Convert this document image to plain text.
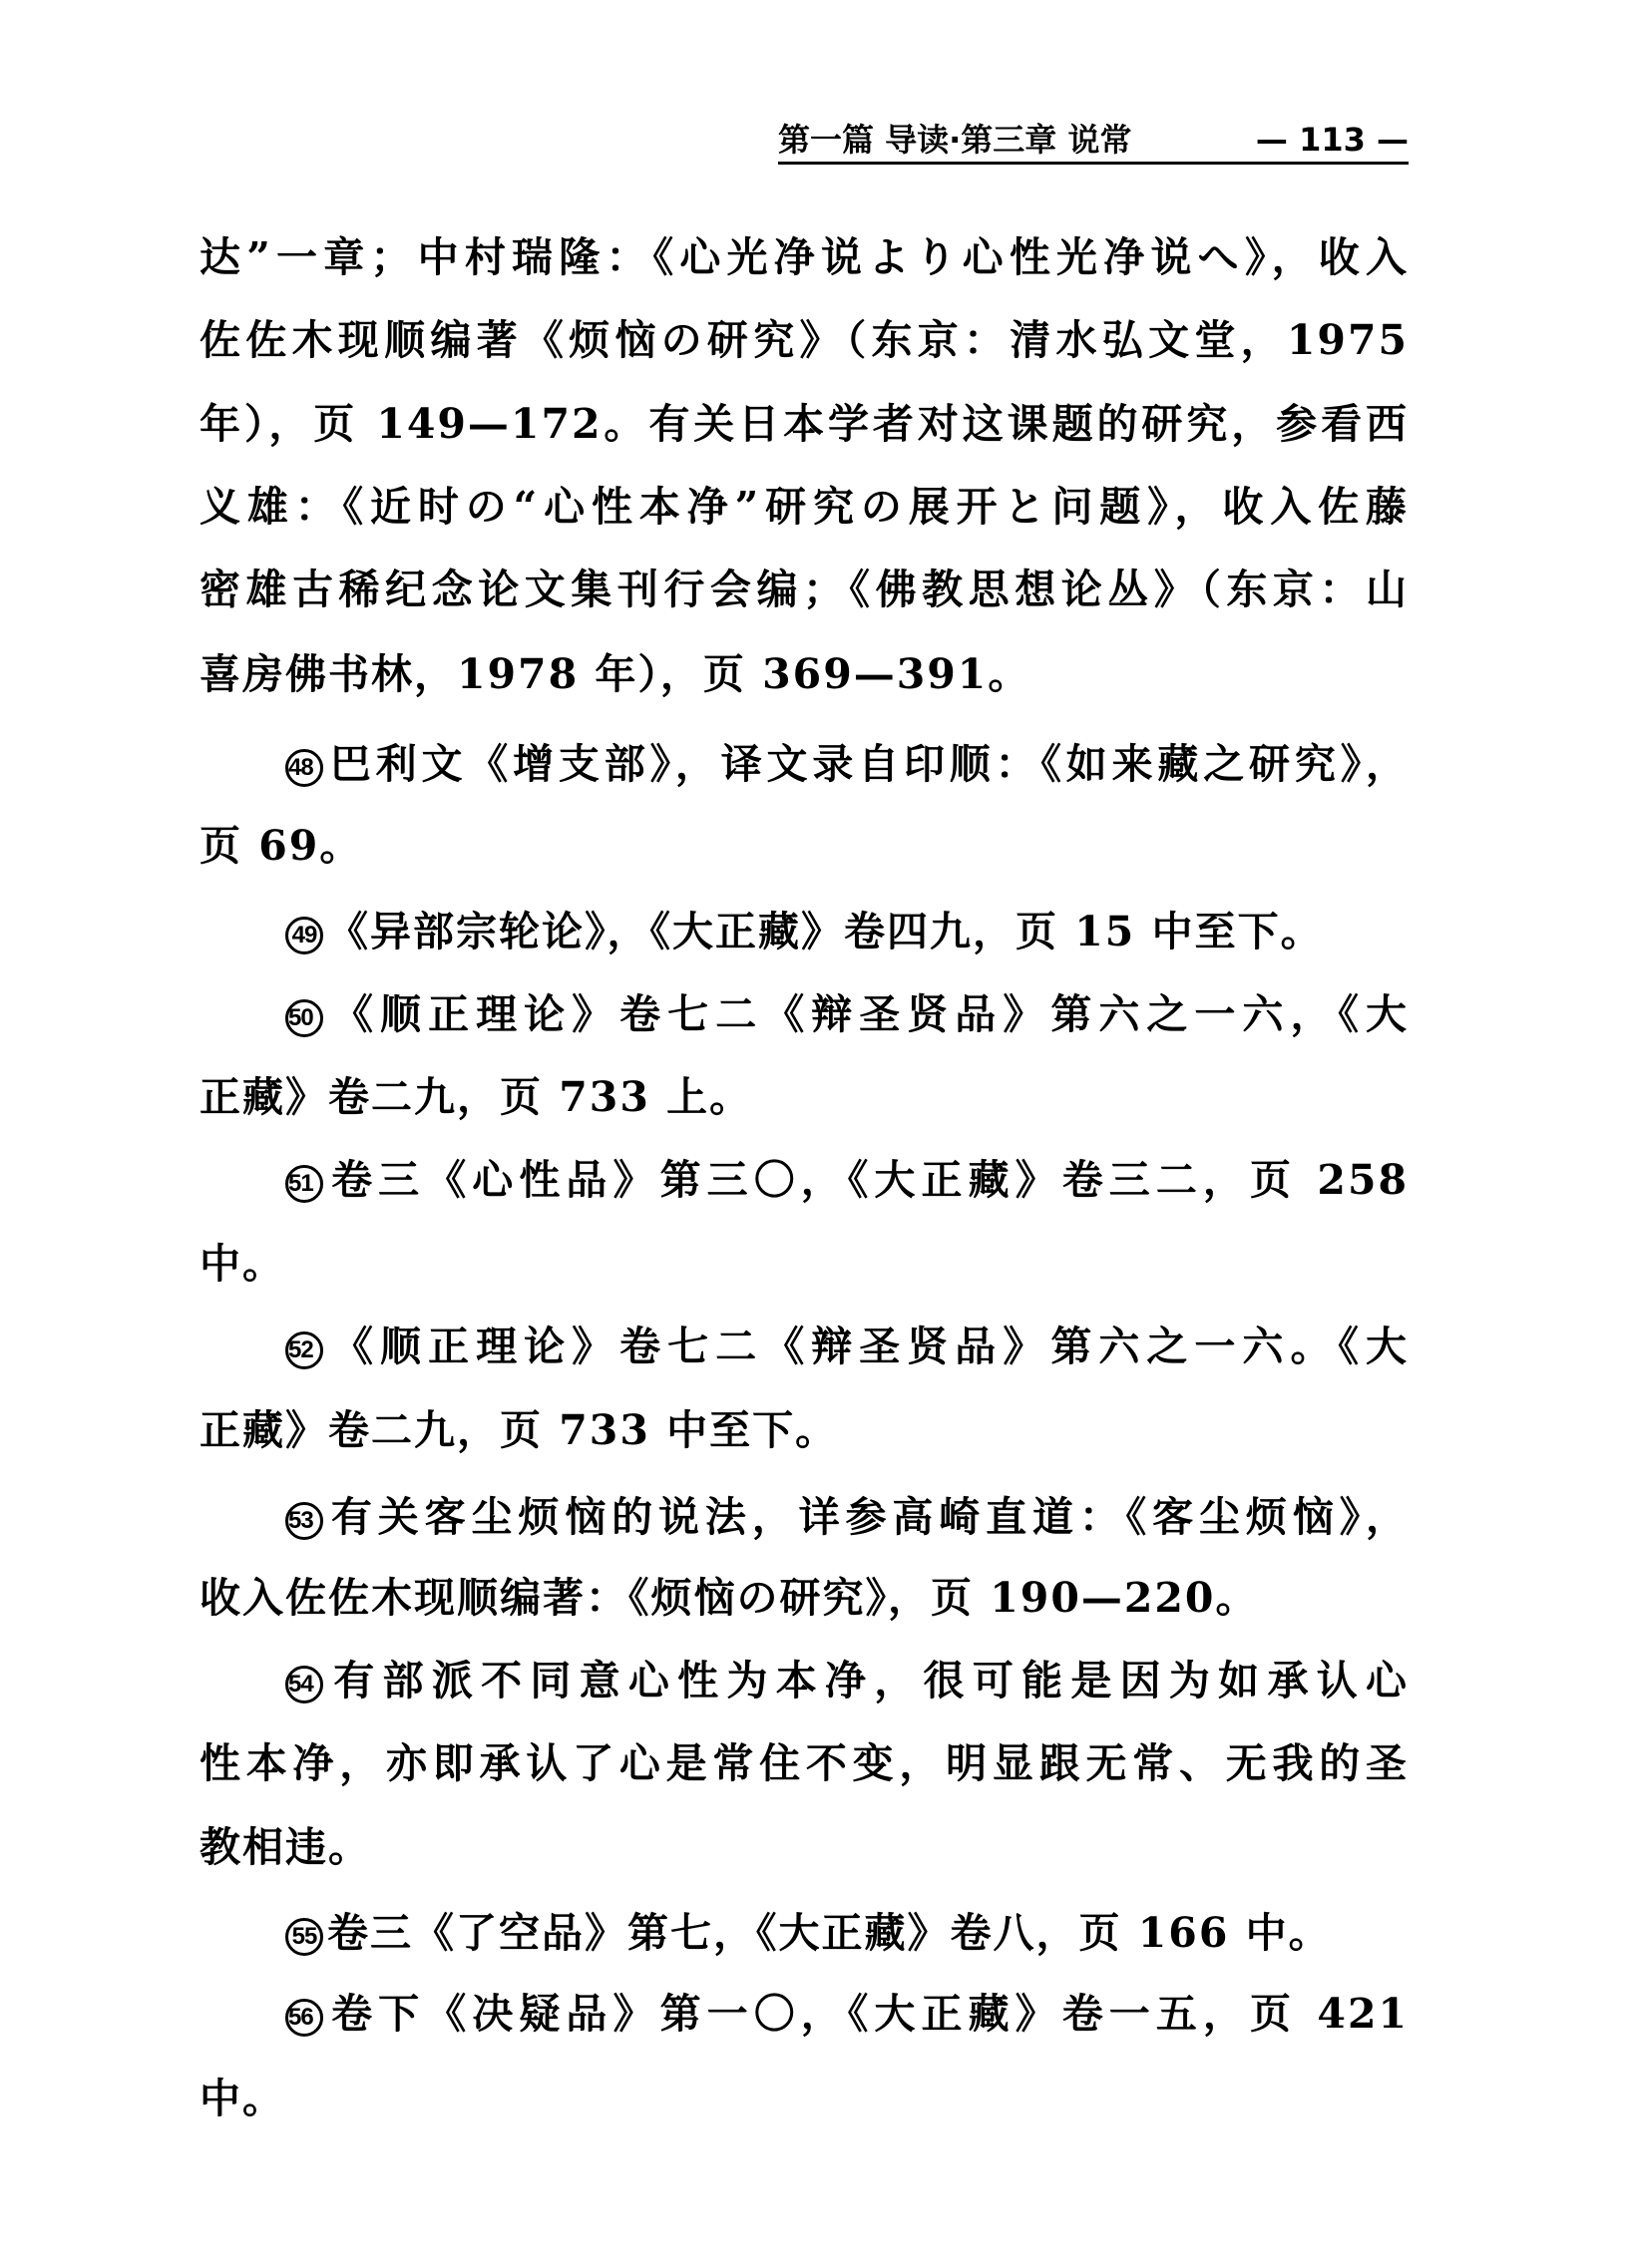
第一篇 导读·第三章 说常	— 113 —
达”一章；中村瑞隆：《心光净说より心性光净说へ》，收入
佐佐木现顺编著《烦恼の研究》（东京：清水弘文堂，1975
年），页 149—172。有关日本学者对这课题的研究，参看西
义雄：《近时の“心性本净”研究の展开と问题》，收入佐藤
密雄古稀纪念论文集刊行会编；《佛教思想论丛》（东京：山
喜房佛书林，1978 年），页 369—391。
48 巴利文《增支部》，译文录自印顺：《如来藏之研究》，
页 69。
49 《异部宗轮论》，《大正藏》卷四九，页 15 中至下。
50 《顺正理论》卷七二《辩圣贤品》第六之一六，《大
正藏》卷二九，页 733 上。
51 卷三《心性品》第三〇，《大正藏》卷三二，页 258
中。
52 《顺正理论》卷七二《辩圣贤品》第六之一六。《大
正藏》卷二九，页 733 中至下。
53 有关客尘烦恼的说法，详参高崎直道：《客尘烦恼》，
收入佐佐木现顺编著：《烦恼の研究》，页 190—220。
54 有部派不同意心性为本净，很可能是因为如承认心
性本净，亦即承认了心是常住不变，明显跟无常、无我的圣
教相违。
55 卷三《了空品》第七，《大正藏》卷八，页 166 中。
56 卷下《决疑品》第一〇，《大正藏》卷一五，页 421
中。
